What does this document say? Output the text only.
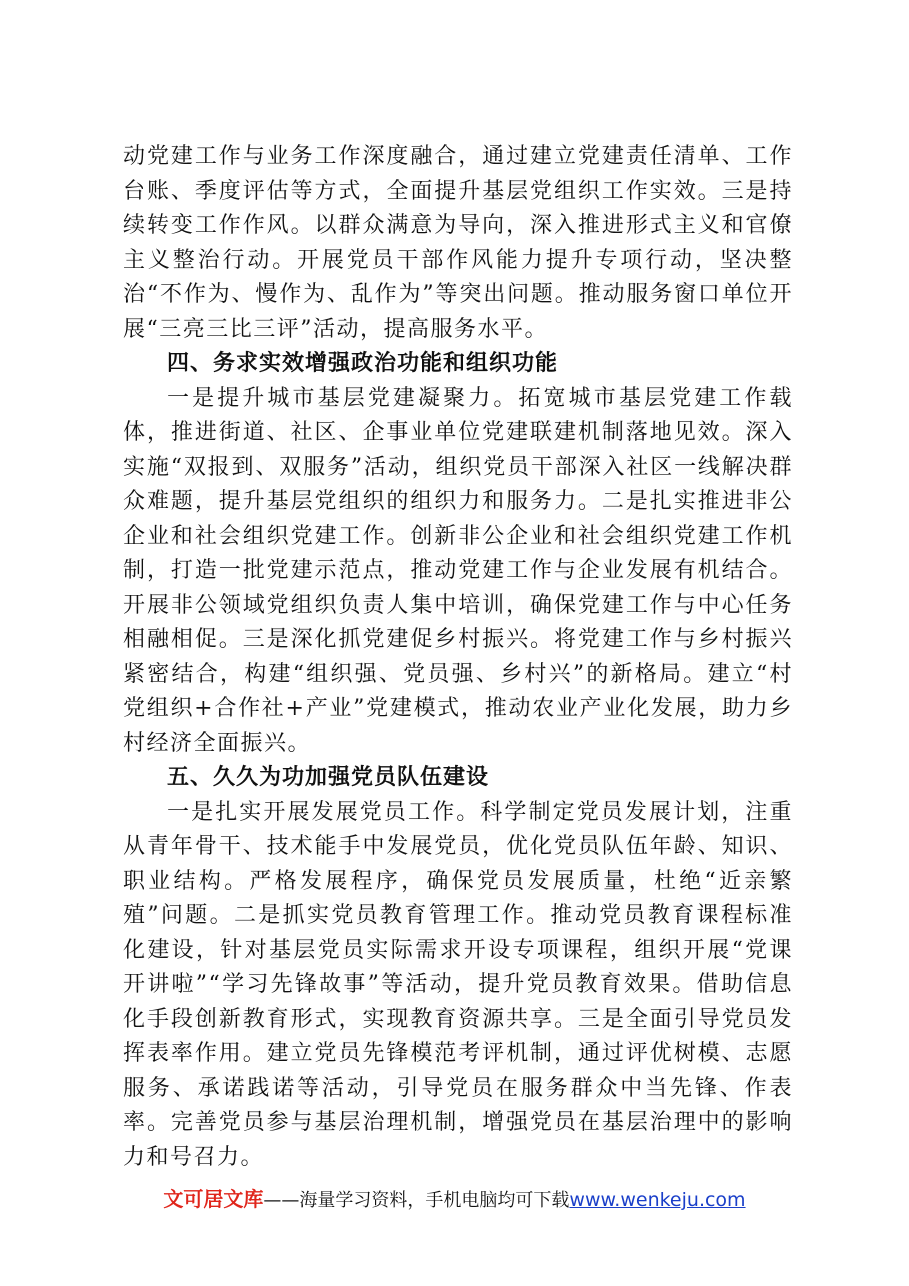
动党建工作与业务工作深度融合，通过建立党建责任清单、工作台账、季度评估等方式，全面提升基层党组织工作实效。三是持续转变工作作风。以群众满意为导向，深入推进形式主义和官僚主义整治行动。开展党员干部作风能力提升专项行动，坚决整治“不作为、慢作为、乱作为”等突出问题。推动服务窗口单位开展“三亮三比三评”活动，提高服务水平。

四、务求实效增强政治功能和组织功能

一是提升城市基层党建凝聚力。拓宽城市基层党建工作载体，推进街道、社区、企事业单位党建联建机制落地见效。深入实施“双报到、双服务”活动，组织党员干部深入社区一线解决群众难题，提升基层党组织的组织力和服务力。二是扎实推进非公企业和社会组织党建工作。创新非公企业和社会组织党建工作机制，打造一批党建示范点，推动党建工作与企业发展有机结合。开展非公领域党组织负责人集中培训，确保党建工作与中心任务相融相促。三是深化抓党建促乡村振兴。将党建工作与乡村振兴紧密结合，构建“组织强、党员强、乡村兴”的新格局。建立“村党组织+合作社+产业”党建模式，推动农业产业化发展，助力乡村经济全面振兴。

五、久久为功加强党员队伍建设

一是扎实开展发展党员工作。科学制定党员发展计划，注重从青年骨干、技术能手中发展党员，优化党员队伍年龄、知识、职业结构。严格发展程序，确保党员发展质量，杜绝“近亲繁殖”问题。二是抓实党员教育管理工作。推动党员教育课程标准化建设，针对基层党员实际需求开设专项课程，组织开展“党课开讲啦”“学习先锋故事”等活动，提升党员教育效果。借助信息化手段创新教育形式，实现教育资源共享。三是全面引导党员发挥表率作用。建立党员先锋模范考评机制，通过评优树模、志愿服务、承诺践诺等活动，引导党员在服务群众中当先锋、作表率。完善党员参与基层治理机制，增强党员在基层治理中的影响力和号召力。

文可居文库——海量学习资料，手机电脑均可下载www.wenkeju.com
